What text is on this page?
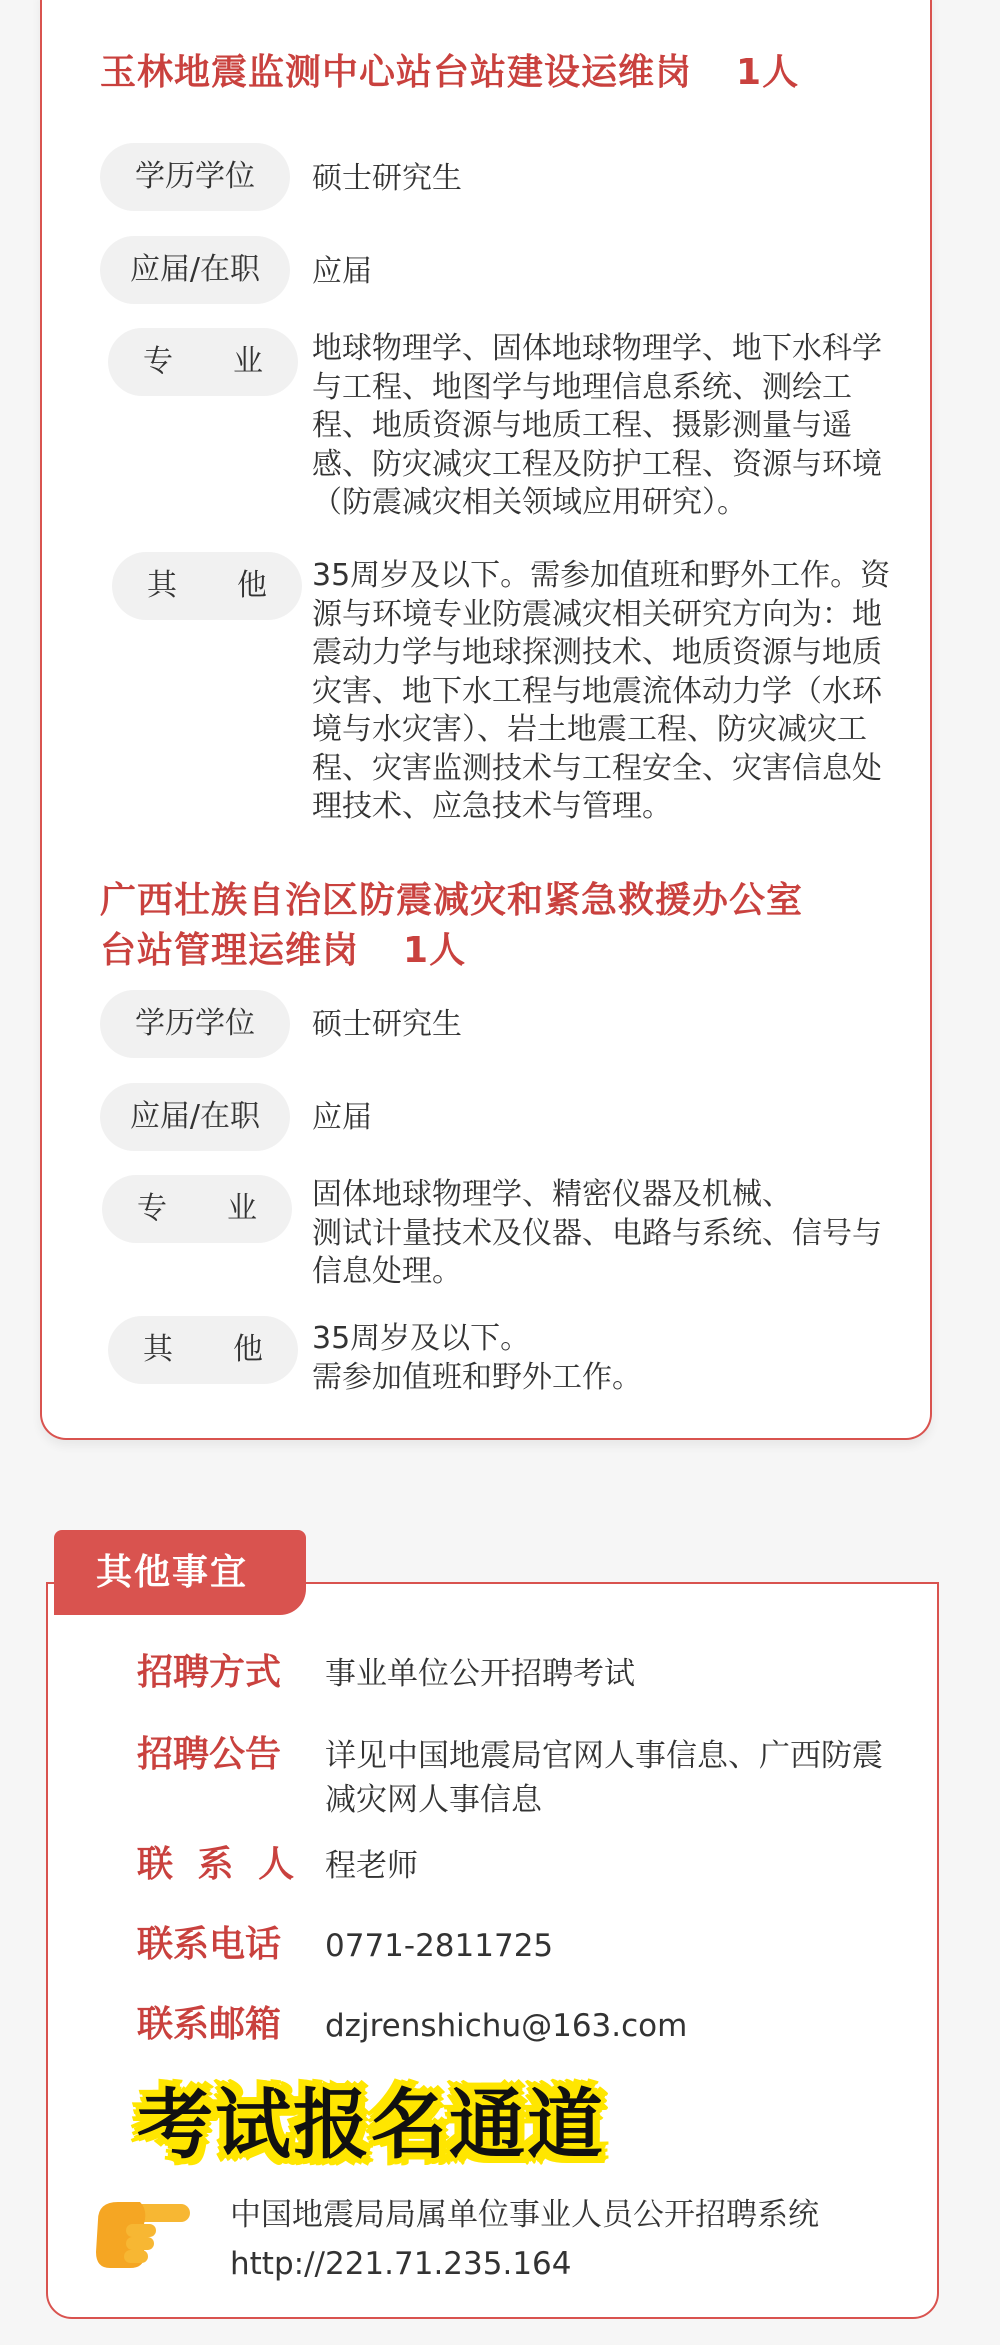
玉林地震监测中心站台站建设运维岗 1人
学历学位	硕士研究生
应届/在职	应届
专　　业	地球物理学、固体地球物理学、地下水科学
与工程、地图学与地理信息系统、测绘工
程、地质资源与地质工程、摄影测量与遥
感、防灾减灾工程及防护工程、资源与环境
（防震减灾相关领域应用研究）。
其　　他	35周岁及以下。需参加值班和野外工作。资
源与环境专业防震减灾相关研究方向为：地
震动力学与地球探测技术、地质资源与地质
灾害、地下水工程与地震流体动力学（水环
境与水灾害）、岩土地震工程、防灾减灾工
程、灾害监测技术与工程安全、灾害信息处
理技术、应急技术与管理。
广西壮族自治区防震减灾和紧急救援办公室
台站管理运维岗 1人
学历学位	硕士研究生
应届/在职	应届
专　　业	固体地球物理学、精密仪器及机械、
测试计量技术及仪器、电路与系统、信号与
信息处理。
其　　他	35周岁及以下。
需参加值班和野外工作。
其他事宜
招聘方式 事业单位公开招聘考试
招聘公告 详见中国地震局官网人事信息、广西防震
减灾网人事信息
联 系 人 程老师
联系电话 0771-2811725
联系邮箱 dzjrenshichu@163.com
考试报名通道
中国地震局局属单位事业人员公开招聘系统
http://221.71.235.164
